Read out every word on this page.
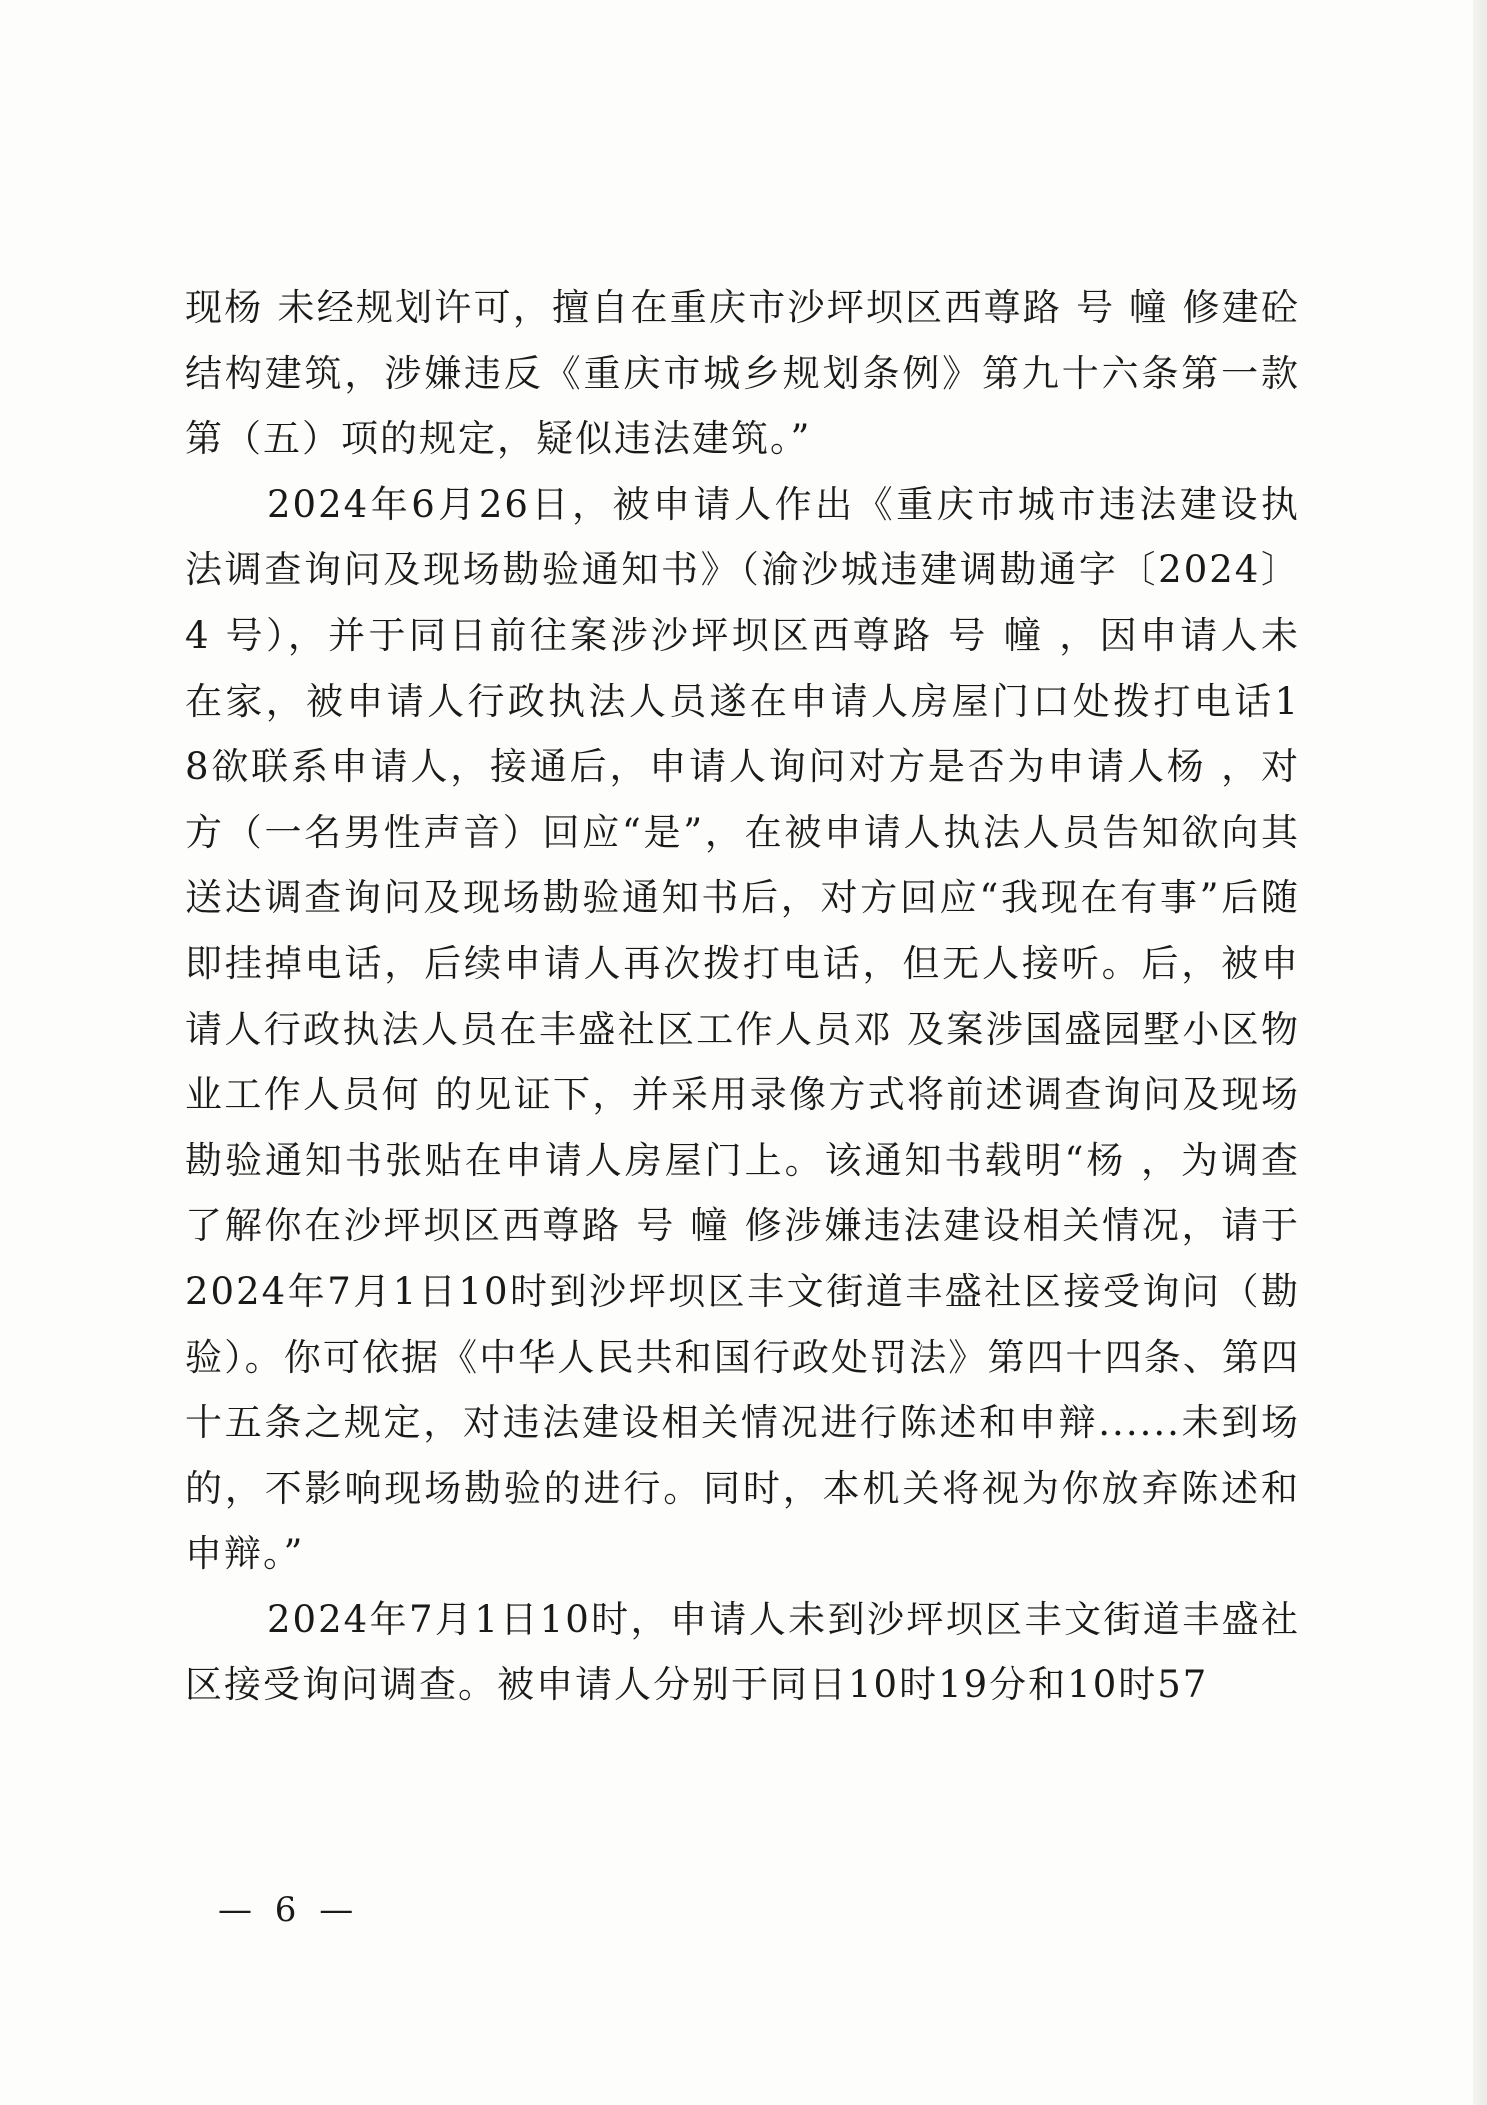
现杨 未经规划许可，擅自在重庆市沙坪坝区西尊路 号 幢 修建砼结构建筑，涉嫌违反《重庆市城乡规划条例》第九十六条第一款第（五）项的规定，疑似违法建筑。”

2024年6月26日，被申请人作出《重庆市城市违法建设执法调查询问及现场勘验通知书》（渝沙城违建调勘通字〔2024〕4 号），并于同日前往案涉沙坪坝区西尊路 号 幢 ，因申请人未在家，被申请人行政执法人员遂在申请人房屋门口处拨打电话1 8欲联系申请人，接通后，申请人询问对方是否为申请人杨 ，对方（一名男性声音）回应“是”，在被申请人执法人员告知欲向其送达调查询问及现场勘验通知书后，对方回应“我现在有事”后随即挂掉电话，后续申请人再次拨打电话，但无人接听。后，被申请人行政执法人员在丰盛社区工作人员邓 及案涉国盛园墅小区物业工作人员何 的见证下，并采用录像方式将前述调查询问及现场勘验通知书张贴在申请人房屋门上。该通知书载明“杨 ，为调查了解你在沙坪坝区西尊路 号 幢 修涉嫌违法建设相关情况，请于2024年7月1日10时到沙坪坝区丰文街道丰盛社区接受询问（勘验）。你可依据《中华人民共和国行政处罚法》第四十四条、第四十五条之规定，对违法建设相关情况进行陈述和申辩......未到场的，不影响现场勘验的进行。同时，本机关将视为你放弃陈述和申辩。”

2024年7月1日10时，申请人未到沙坪坝区丰文街道丰盛社区接受询问调查。被申请人分别于同日10时19分和10时57

— 6 —
